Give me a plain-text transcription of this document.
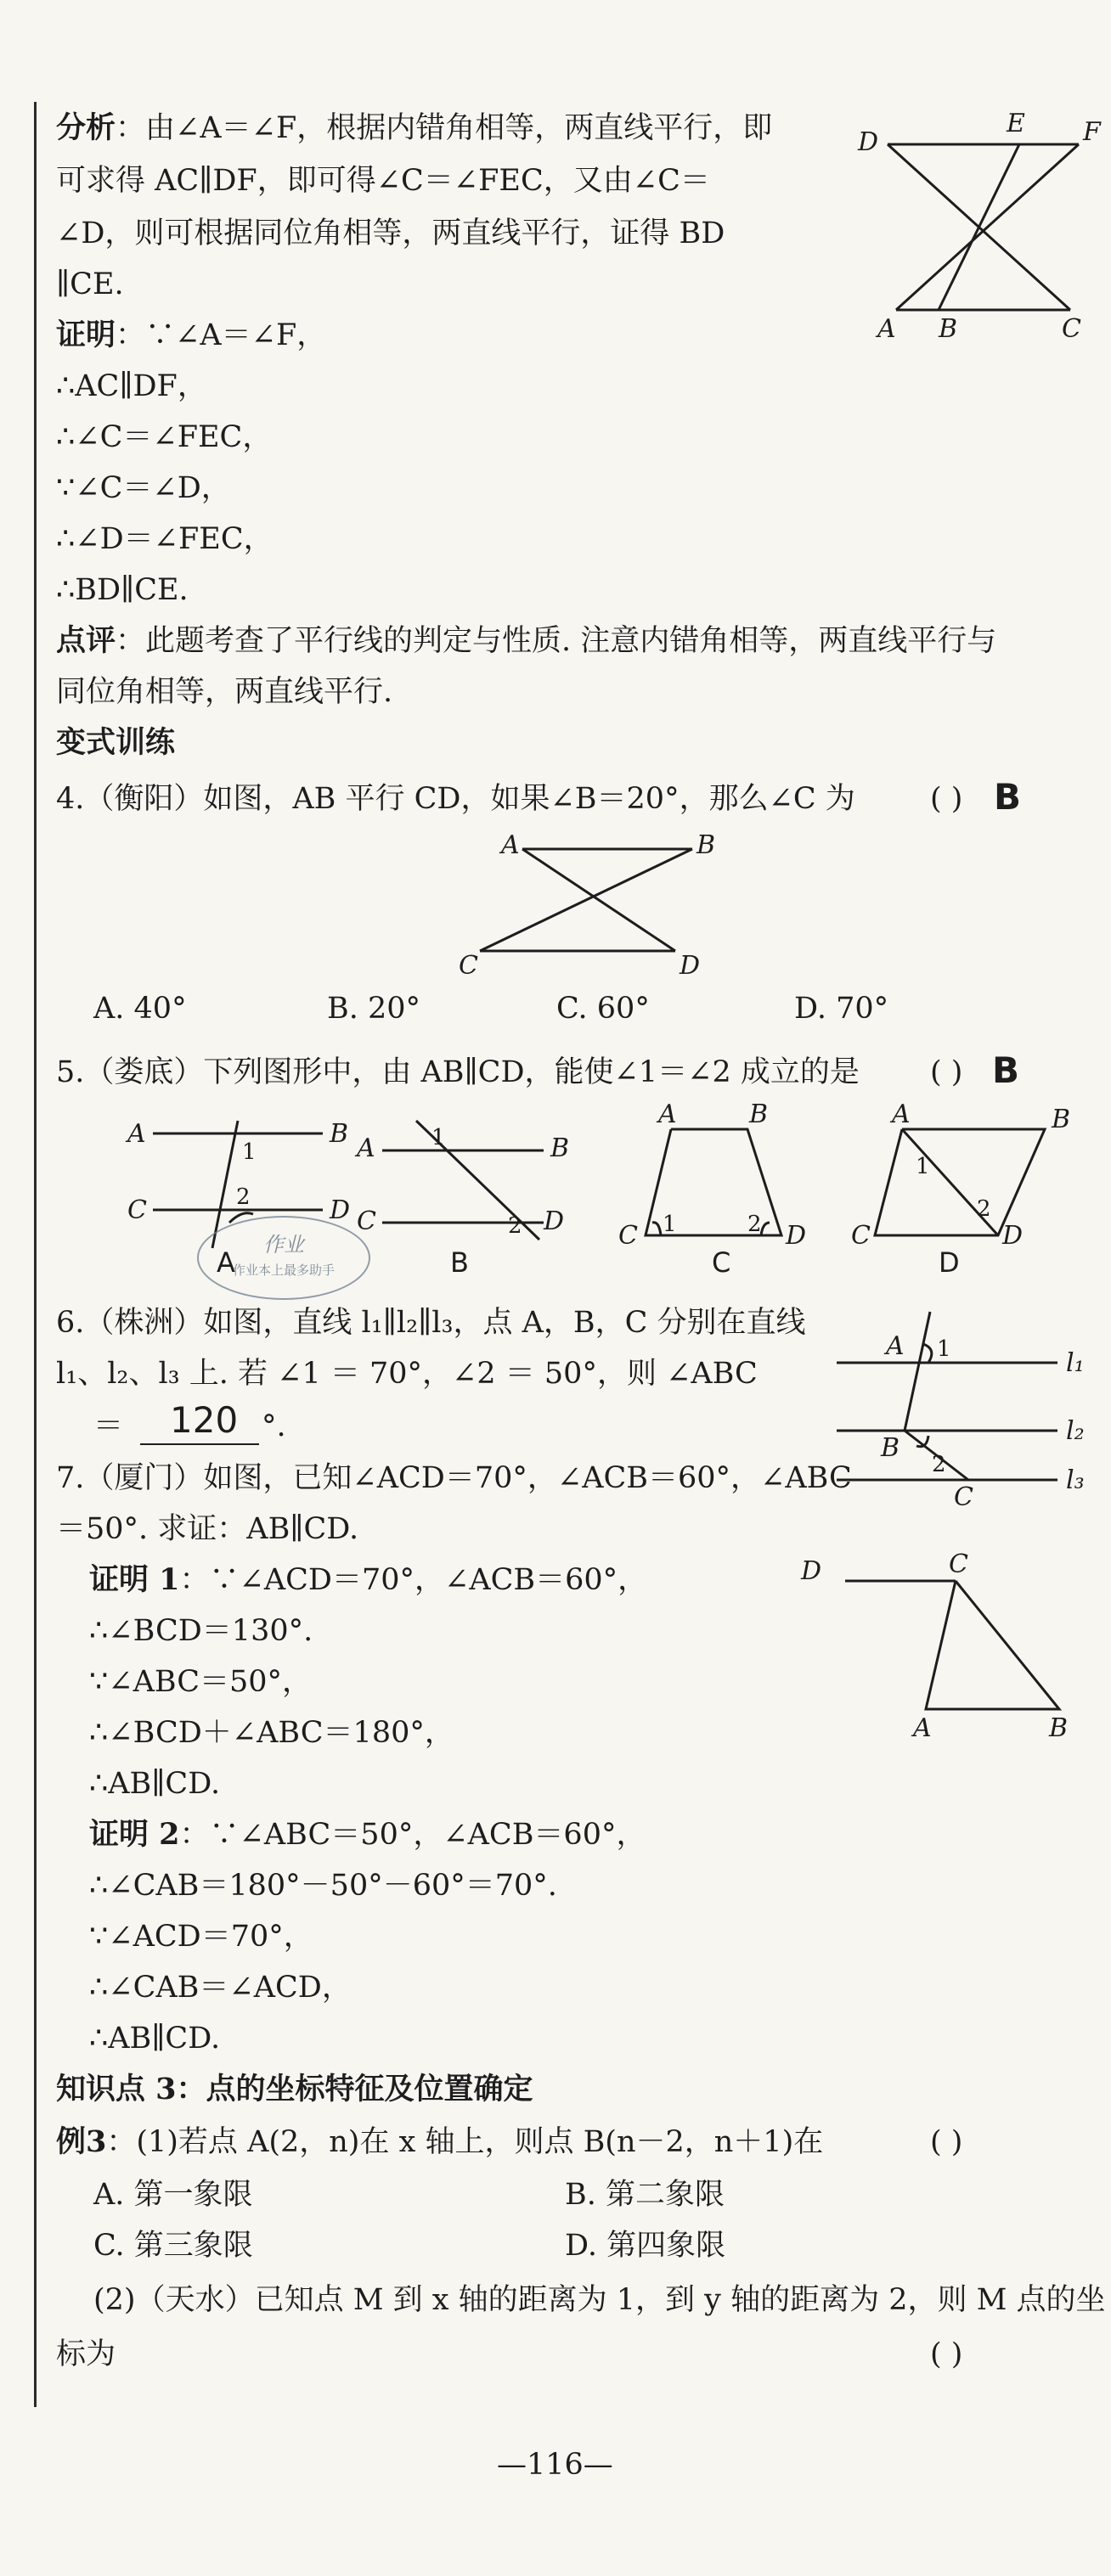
分析：由∠A＝∠F，根据内错角相等，两直线平行，即
可求得 AC∥DF，即可得∠C＝∠FEC，又由∠C＝
∠D，则可根据同位角相等，两直线平行，证得 BD
∥CE.
证明：∵∠A＝∠F，
∴AC∥DF，
∴∠C＝∠FEC，
∵∠C＝∠D，
∴∠D＝∠FEC，
∴BD∥CE.
点评：此题考查了平行线的判定与性质. 注意内错角相等，两直线平行与
同位角相等，两直线平行.
变式训练
D
E F
A B	C
4.（衡阳）如图，AB 平行 CD，如果∠B＝20°，那么∠C 为	( ) B
A	B
C	D
A. 40°	B. 20°	C. 60°	D. 70°
5.（娄底）下列图形中，由 AB∥CD，能使∠1＝∠2 成立的是 ( ) B
A	B
C	D
1
2
A
A	B
C	D
1
2
B
A	B
C	D
1	2
C
A	B
C	D
1
2
D
作业
作业本上最多助手
6.（株洲）如图，直线 l₁∥l₂∥l₃，点 A，B，C 分别在直线
l₁、l₂、l₃ 上. 若 ∠1 ＝ 70°，∠2 ＝ 50°，则 ∠ABC
＝ 120 °.
A 1
B
2
C
l₁
l₂
l₃
7.（厦门）如图，已知∠ACD＝70°，∠ACB＝60°，∠ABC
＝50°. 求证：AB∥CD.
证明 1：∵∠ACD＝70°，∠ACB＝60°，
∴∠BCD＝130°.
∵∠ABC＝50°，
∴∠BCD＋∠ABC＝180°，
∴AB∥CD.
证明 2：∵∠ABC＝50°，∠ACB＝60°，
∴∠CAB＝180°－50°－60°＝70°.
∵∠ACD＝70°，
∴∠CAB＝∠ACD，
∴AB∥CD.
D	C
A	B
知识点 3：点的坐标特征及位置确定
例3：(1)若点 A(2，n)在 x 轴上，则点 B(n－2，n＋1)在	( )
A. 第一象限	B. 第二象限
C. 第三象限	D. 第四象限
(2)（天水）已知点 M 到 x 轴的距离为 1，到 y 轴的距离为 2，则 M 点的坐
标为	( )
—116—
